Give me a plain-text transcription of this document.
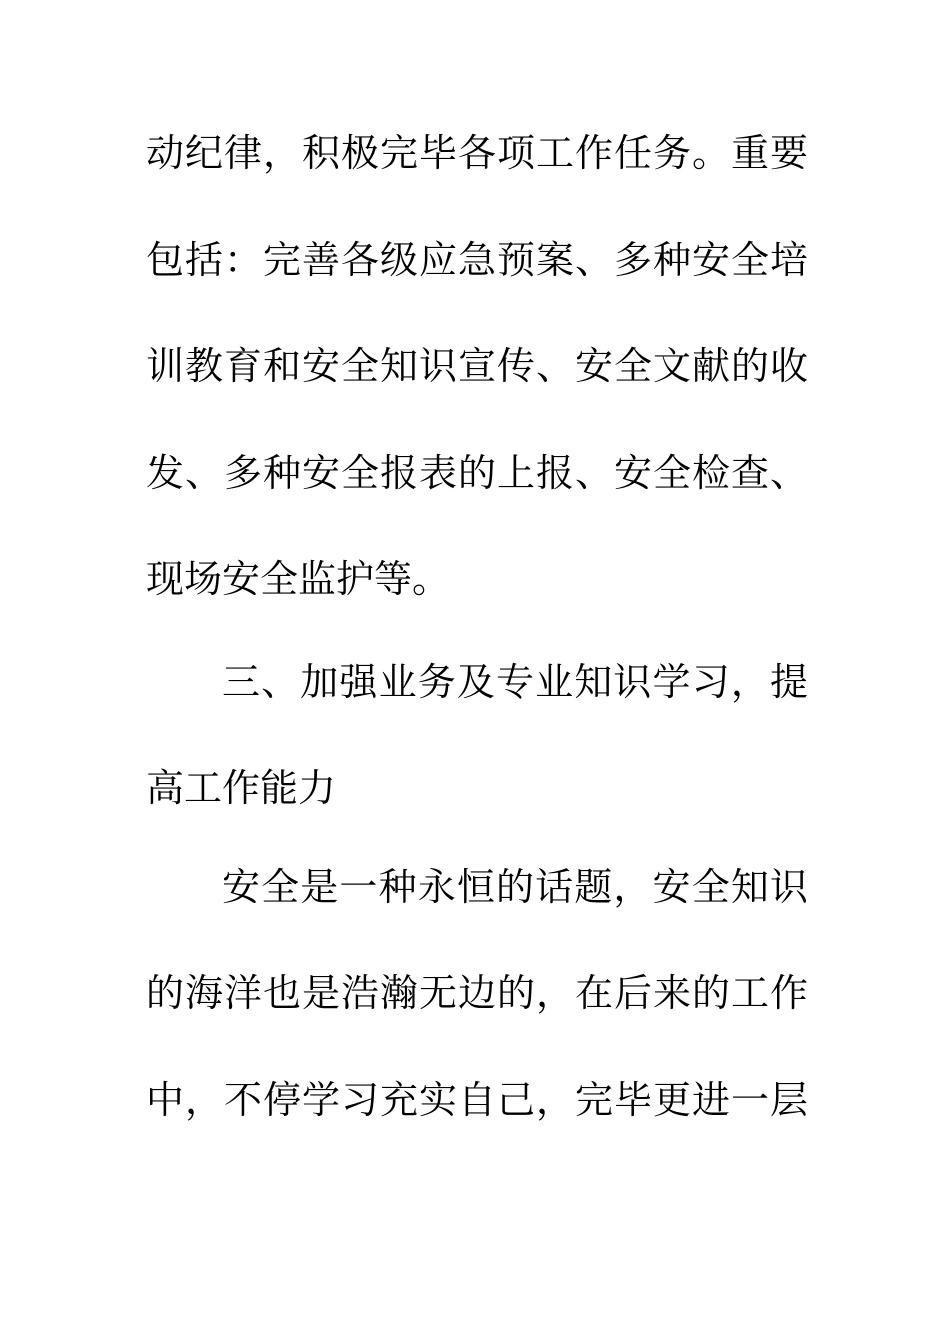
动纪律，积极完毕各项工作任务。重要
包括：完善各级应急预案、多种安全培
训教育和安全知识宣传、安全文献的收
发、多种安全报表的上报、安全检查、
现场安全监护等。
三、加强业务及专业知识学习，提
高工作能力
安全是一种永恒的话题，安全知识
的海洋也是浩瀚无边的，在后来的工作
中，不停学习充实自己，完毕更进一层
